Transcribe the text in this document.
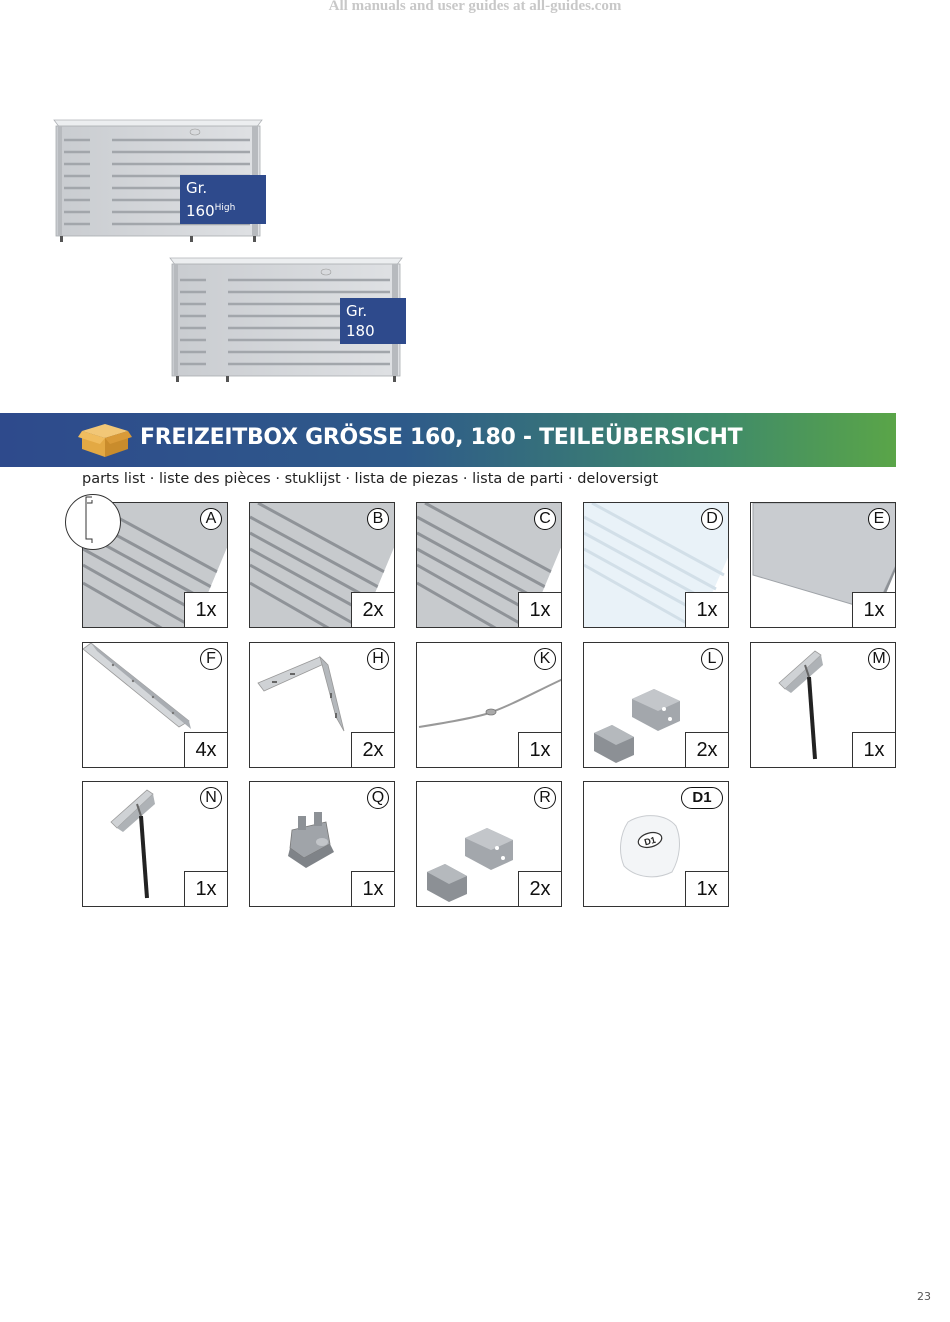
All manuals and user guides at all-guides.com
Gr. $160^{High}$
Gr. 180
FREIZEITBOX GRÖSSE 160, 180 - TEILEÜBERSICHT
parts list · liste des pièces · stuklijst · lista de piezas · lista de parti · deloversigt
A
1x
B
2x
C
1x
D
1x
E
1x
F
4x
H
2x
K
1x
L
2x
M
1x
N
1x
Q
1x
R
2x
D1
D1
1x
23
